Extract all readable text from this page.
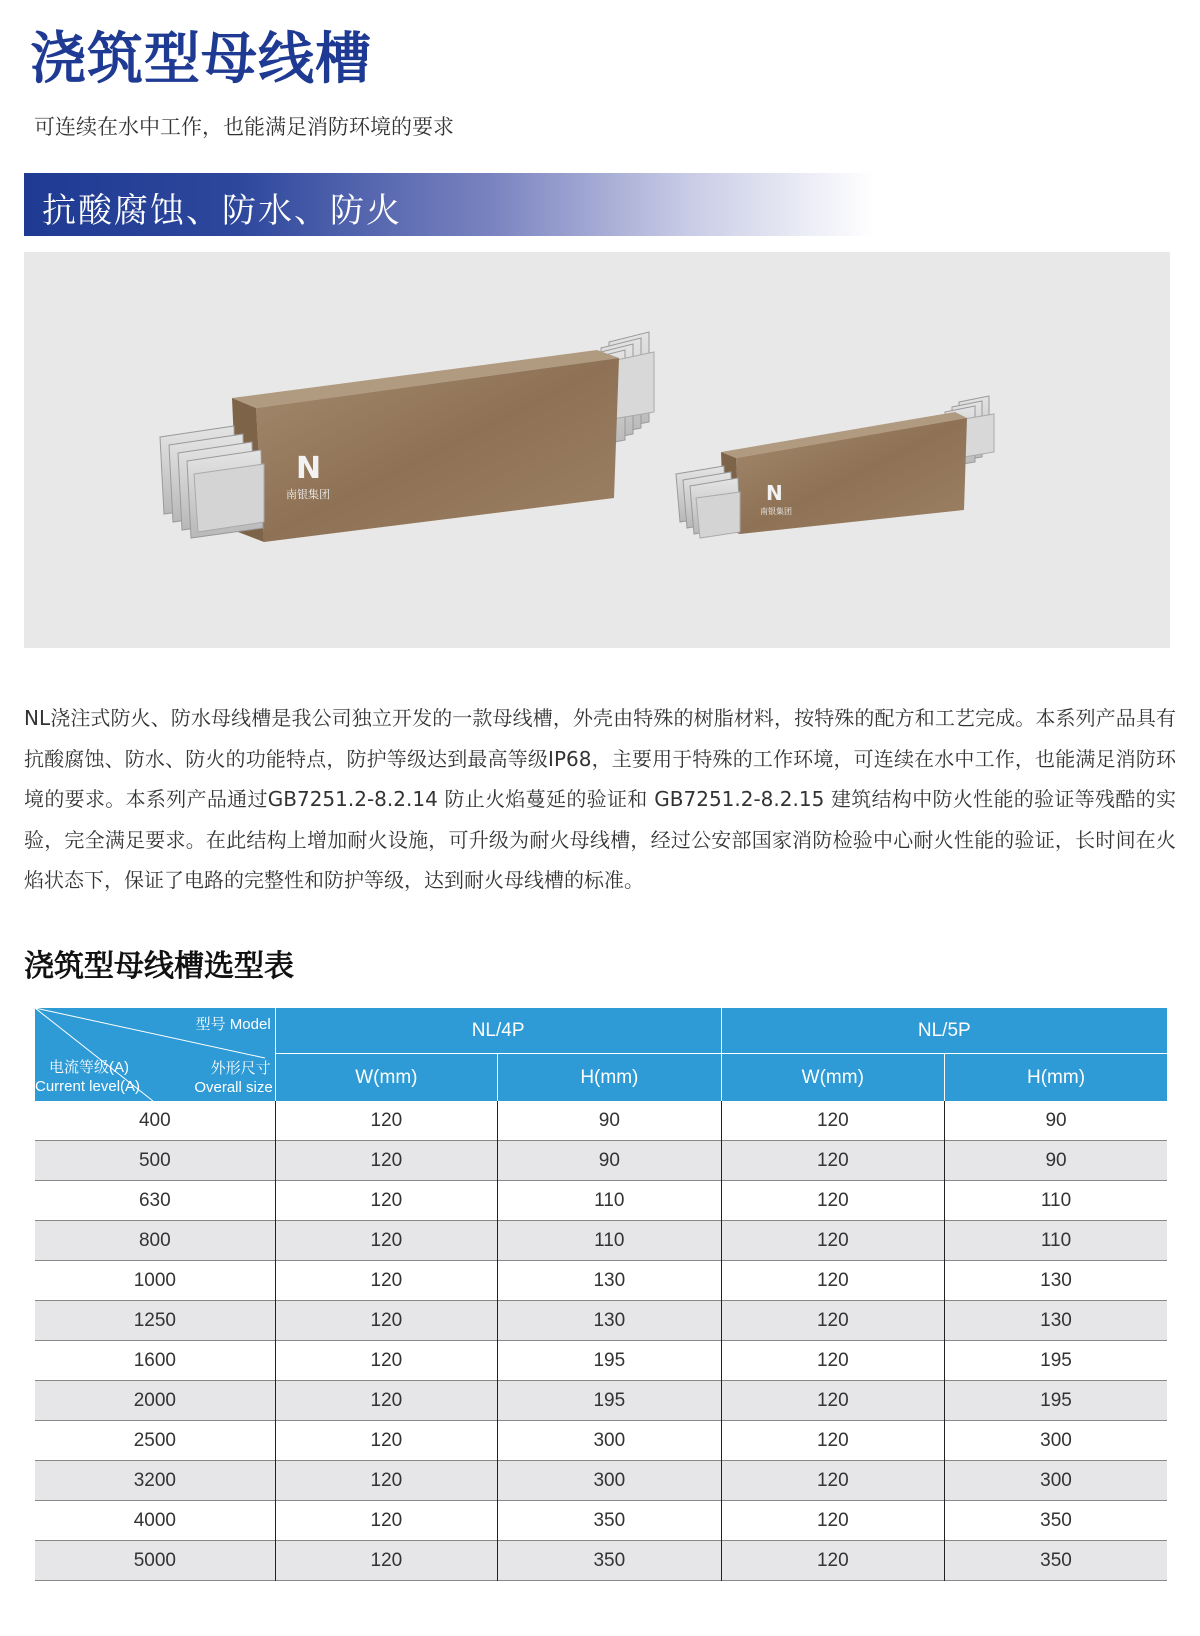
浇筑型母线槽
可连续在水中工作，也能满足消防环境的要求
抗酸腐蚀、防水、防火
N
南银集团	N
南银集团
NL浇注式防火、防水母线槽是我公司独立开发的一款母线槽，外壳由特殊的树脂材料，按特殊的配方和工艺完成。本系列产品具有抗酸腐蚀、防水、防火的功能特点，防护等级达到最高等级IP68，主要用于特殊的工作环境，可连续在水中工作，也能满足消防环境的要求。本系列产品通过GB7251.2-8.2.14 防止火焰蔓延的验证和 GB7251.2-8.2.15 建筑结构中防火性能的验证等残酷的实验，完全满足要求。在此结构上增加耐火设施，可升级为耐火母线槽，经过公安部国家消防检验中心耐火性能的验证，长时间在火焰状态下，保证了电路的完整性和防护等级，达到耐火母线槽的标准。
浇筑型母线槽选型表
型号 Model
外形尺寸
Overall size
电流等级(A)
Current level(A)	NL/4P		NL/5P	
	W(mm)	H(mm)	W(mm)	H(mm)
400	120	90	120	90
500	120	90	120	90
630	120	110	120	110
800	120	110	120	110
1000	120	130	120	130
1250	120	130	120	130
1600	120	195	120	195
2000	120	195	120	195
2500	120	300	120	300
3200	120	300	120	300
4000	120	350	120	350
5000	120	350	120	350
